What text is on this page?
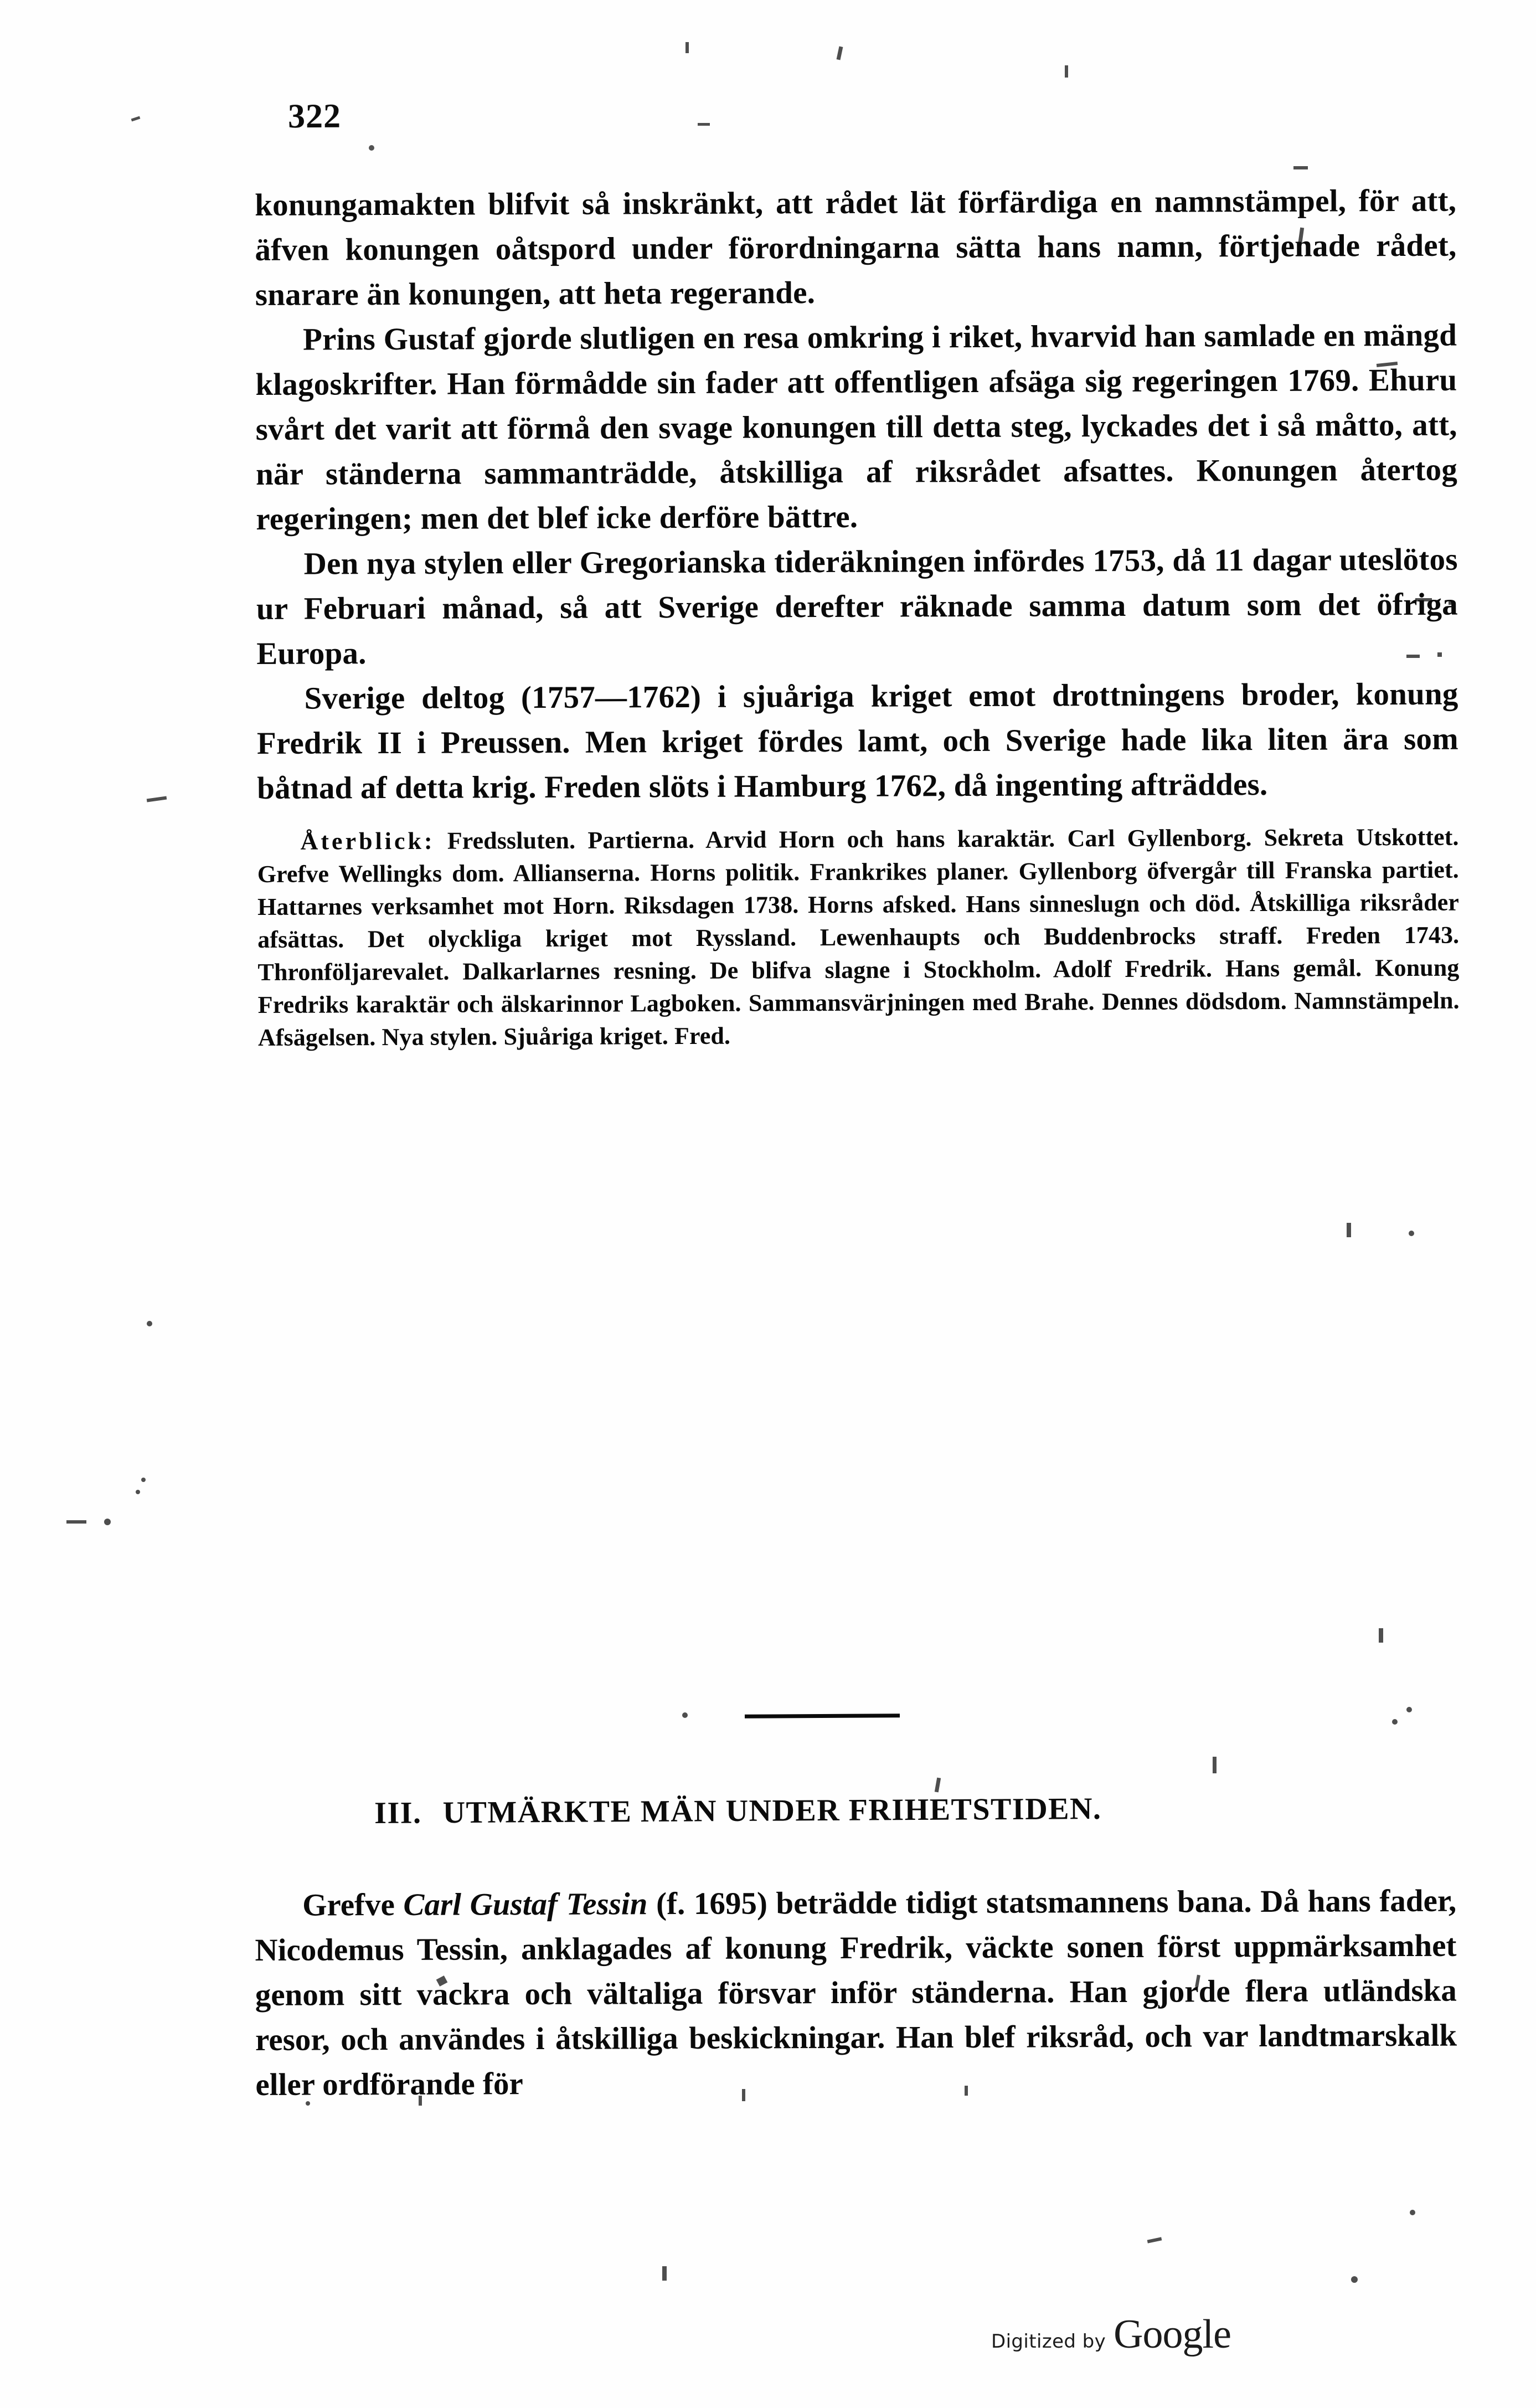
322

konungamakten blifvit så inskränkt, att rådet lät förfärdiga en namnstämpel, för att, äfven konungen oåtspord under förordningarna sätta hans namn, förtjenade rådet, snarare än konungen, att heta regerande.

Prins Gustaf gjorde slutligen en resa omkring i riket, hvarvid han samlade en mängd klagoskrifter. Han förmådde sin fader att offentligen afsäga sig regeringen 1769. Ehuru svårt det varit att förmå den svage konungen till detta steg, lyckades det i så måtto, att, när ständerna sammanträdde, åtskilliga af riksrådet afsattes. Konungen återtog regeringen; men det blef icke derföre bättre.

Den nya stylen eller Gregorianska tideräkningen infördes 1753, då 11 dagar uteslötos ur Februari månad, så att Sverige derefter räknade samma datum som det öfriga Europa.

Sverige deltog (1757—1762) i sjuåriga kriget emot drottningens broder, konung Fredrik II i Preussen. Men kriget fördes lamt, och Sverige hade lika liten ära som båtnad af detta krig. Freden slöts i Hamburg 1762, då ingenting afträddes.

Återblick: Fredssluten. Partierna. Arvid Horn och hans karaktär. Carl Gyllenborg. Sekreta Utskottet. Grefve Wellingks dom. Allianserna. Horns politik. Frankrikes planer. Gyllenborg öfvergår till Franska partiet. Hattarnes verksamhet mot Horn. Riksdagen 1738. Horns afsked. Hans sinneslugn och död. Åtskilliga riksråder afsättas. Det olyckliga kriget mot Ryssland. Lewenhaupts och Buddenbrocks straff. Freden 1743. Thronföljarevalet. Dalkarlarnes resning. De blifva slagne i Stockholm. Adolf Fredrik. Hans gemål. Konung Fredriks karaktär och älskarinnor Lagboken. Sammansvärjningen med Brahe. Dennes dödsdom. Namnstämpeln. Afsägelsen. Nya stylen. Sjuåriga kriget. Fred.
III. UTMÄRKTE MÄN UNDER FRIHETSTIDEN.

Grefve Carl Gustaf Tessin (f. 1695) beträdde tidigt statsmannens bana. Då hans fader, Nicodemus Tessin, anklagades af konung Fredrik, väckte sonen först uppmärksamhet genom sitt vackra och vältaliga försvar inför ständerna. Han gjorde flera utländska resor, och användes i åtskilliga beskickningar. Han blef riksråd, och var landtmarskalk eller ordförande för

Digitized by Google
